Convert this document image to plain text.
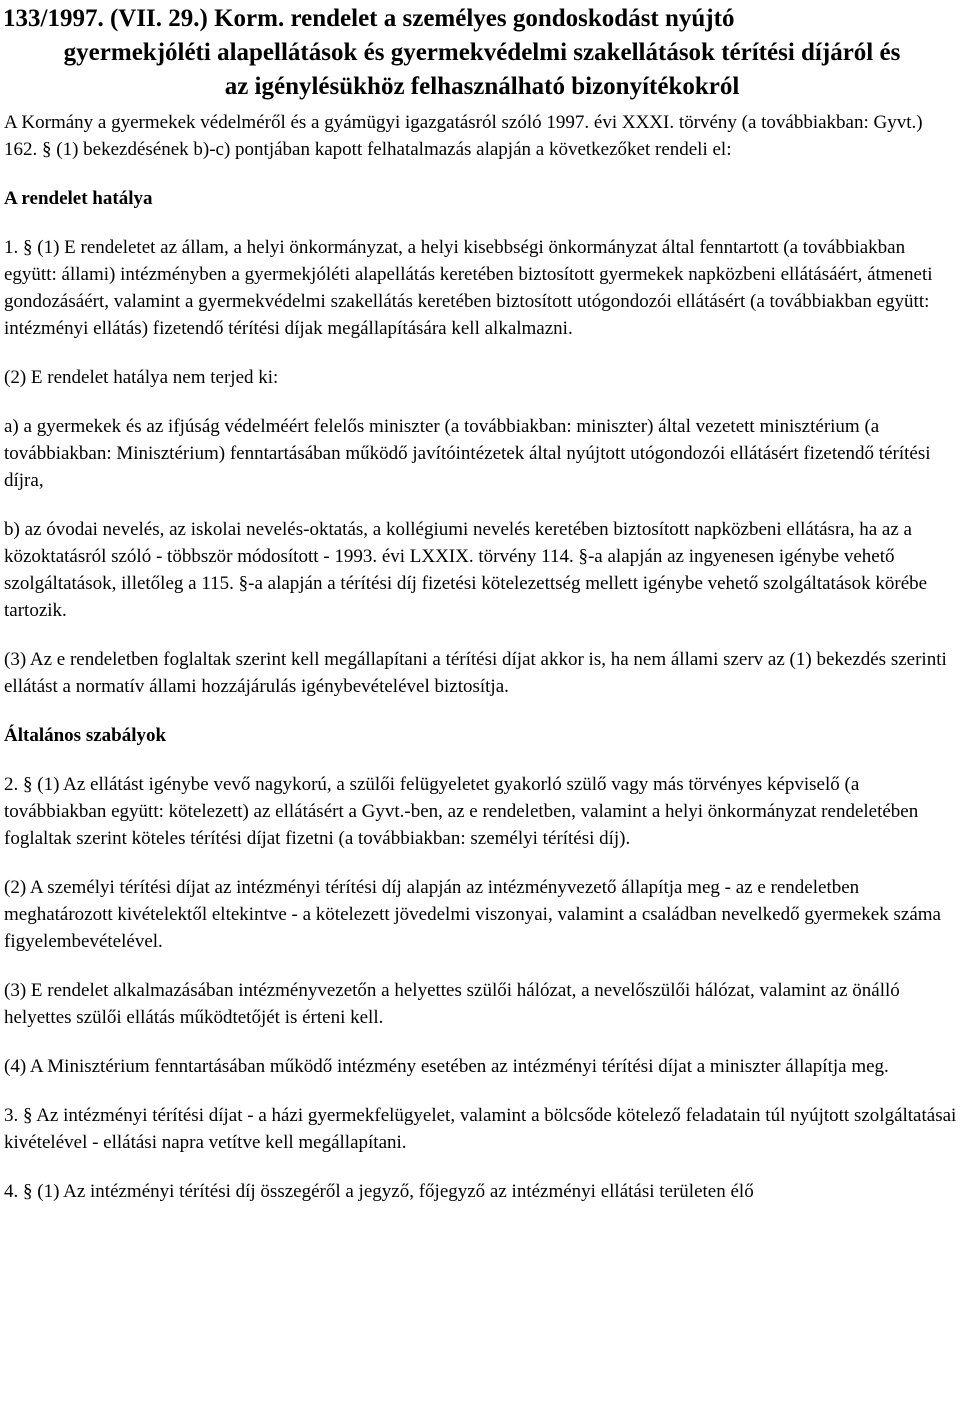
133/1997. (VII. 29.) Korm. rendelet a személyes gondoskodást nyújtó
gyermekjóléti alapellátások és gyermekvédelmi szakellátások térítési díjáról és
az igénylésükhöz felhasználható bizonyítékokról

A Kormány a gyermekek védelméről és a gyámügyi igazgatásról szóló 1997. évi XXXI. törvény (a továbbiakban: Gyvt.) 162. § (1) bekezdésének b)-c) pontjában kapott felhatalmazás alapján a következőket rendeli el:

A rendelet hatálya

1. § (1) E rendeletet az állam, a helyi önkormányzat, a helyi kisebbségi önkormányzat által fenntartott (a továbbiakban együtt: állami) intézményben a gyermekjóléti alapellátás keretében biztosított gyermekek napközbeni ellátásáért, átmeneti gondozásáért, valamint a gyermekvédelmi szakellátás keretében biztosított utógondozói ellátásért (a továbbiakban együtt: intézményi ellátás) fizetendő térítési díjak megállapítására kell alkalmazni.

(2) E rendelet hatálya nem terjed ki:

a) a gyermekek és az ifjúság védelméért felelős miniszter (a továbbiakban: miniszter) által vezetett minisztérium (a továbbiakban: Minisztérium) fenntartásában működő javítóintézetek által nyújtott utógondozói ellátásért fizetendő térítési díjra,

b) az óvodai nevelés, az iskolai nevelés-oktatás, a kollégiumi nevelés keretében biztosított napközbeni ellátásra, ha az a közoktatásról szóló - többször módosított - 1993. évi LXXIX. törvény 114. §-a alapján az ingyenesen igénybe vehető szolgáltatások, illetőleg a 115. §-a alapján a térítési díj fizetési kötelezettség mellett igénybe vehető szolgáltatások körébe tartozik.

(3) Az e rendeletben foglaltak szerint kell megállapítani a térítési díjat akkor is, ha nem állami szerv az (1) bekezdés szerinti ellátást a normatív állami hozzájárulás igénybevételével biztosítja.

Általános szabályok

2. § (1) Az ellátást igénybe vevő nagykorú, a szülői felügyeletet gyakorló szülő vagy más törvényes képviselő (a továbbiakban együtt: kötelezett) az ellátásért a Gyvt.-ben, az e rendeletben, valamint a helyi önkormányzat rendeletében foglaltak szerint köteles térítési díjat fizetni (a továbbiakban: személyi térítési díj).

(2) A személyi térítési díjat az intézményi térítési díj alapján az intézményvezető állapítja meg - az e rendeletben meghatározott kivételektől eltekintve - a kötelezett jövedelmi viszonyai, valamint a családban nevelkedő gyermekek száma figyelembevételével.

(3) E rendelet alkalmazásában intézményvezetőn a helyettes szülői hálózat, a nevelőszülői hálózat, valamint az önálló helyettes szülői ellátás működtetőjét is érteni kell.

(4) A Minisztérium fenntartásában működő intézmény esetében az intézményi térítési díjat a miniszter állapítja meg.

3. § Az intézményi térítési díjat - a házi gyermekfelügyelet, valamint a bölcsőde kötelező feladatain túl nyújtott szolgáltatásai kivételével - ellátási napra vetítve kell megállapítani.

4. § (1) Az intézményi térítési díj összegéről a jegyző, főjegyző az intézményi ellátási területen élő
